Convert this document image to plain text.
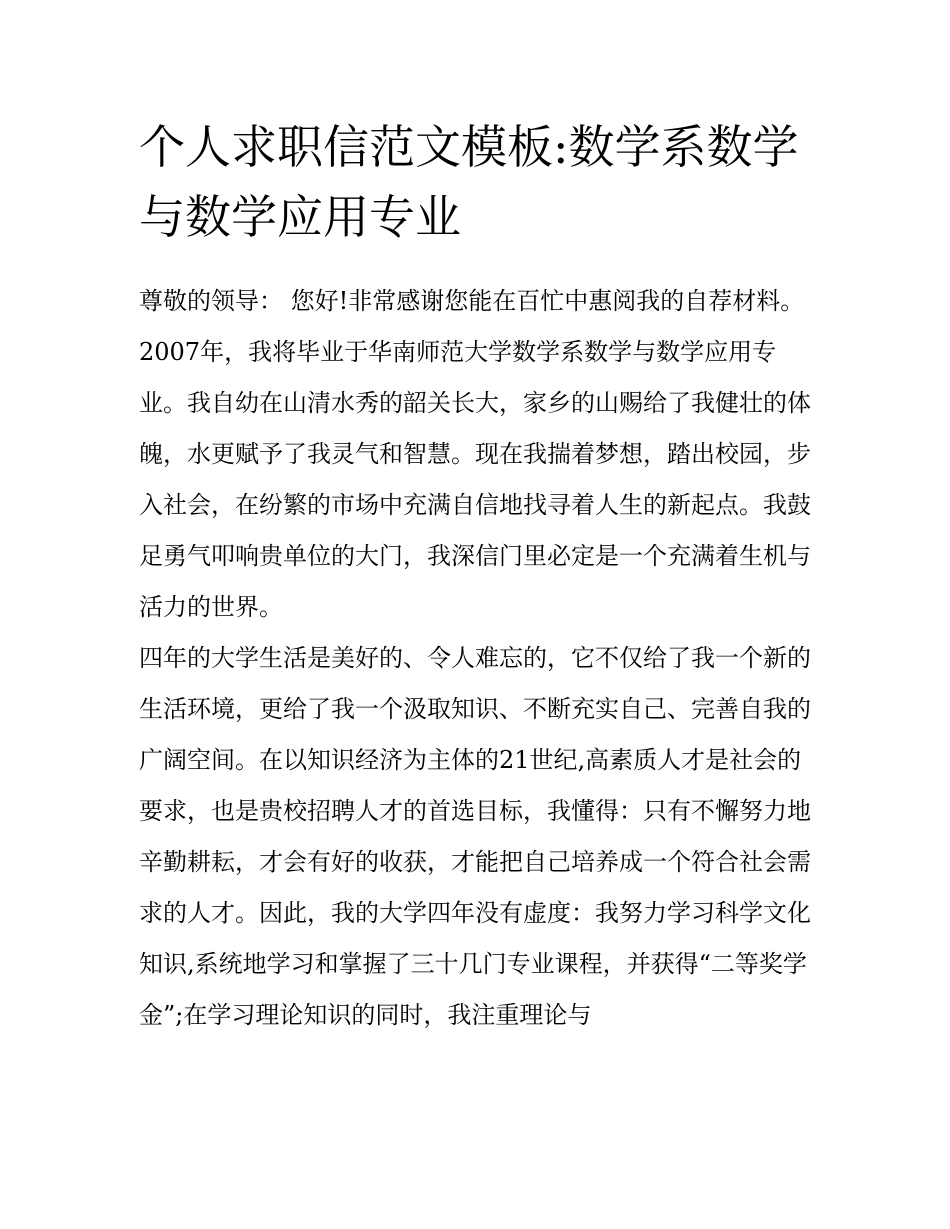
个人求职信范文模板:数学系数学与数学应用专业

尊敬的领导： 您好!非常感谢您能在百忙中惠阅我的自荐材料。

2007年，我将毕业于华南师范大学数学系数学与数学应用专业。我自幼在山清水秀的韶关长大，家乡的山赐给了我健壮的体魄，水更赋予了我灵气和智慧。现在我揣着梦想，踏出校园，步入社会，在纷繁的市场中充满自信地找寻着人生的新起点。我鼓足勇气叩响贵单位的大门，我深信门里必定是一个充满着生机与活力的世界。

四年的大学生活是美好的、令人难忘的，它不仅给了我一个新的生活环境，更给了我一个汲取知识、不断充实自己、完善自我的广阔空间。在以知识经济为主体的21世纪,高素质人才是社会的要求，也是贵校招聘人才的首选目标，我懂得：只有不懈努力地辛勤耕耘，才会有好的收获，才能把自己培养成一个符合社会需求的人才。因此，我的大学四年没有虚度：我努力学习科学文化知识,系统地学习和掌握了三十几门专业课程，并获得“二等奖学金”;在学习理论知识的同时，我注重理论与
